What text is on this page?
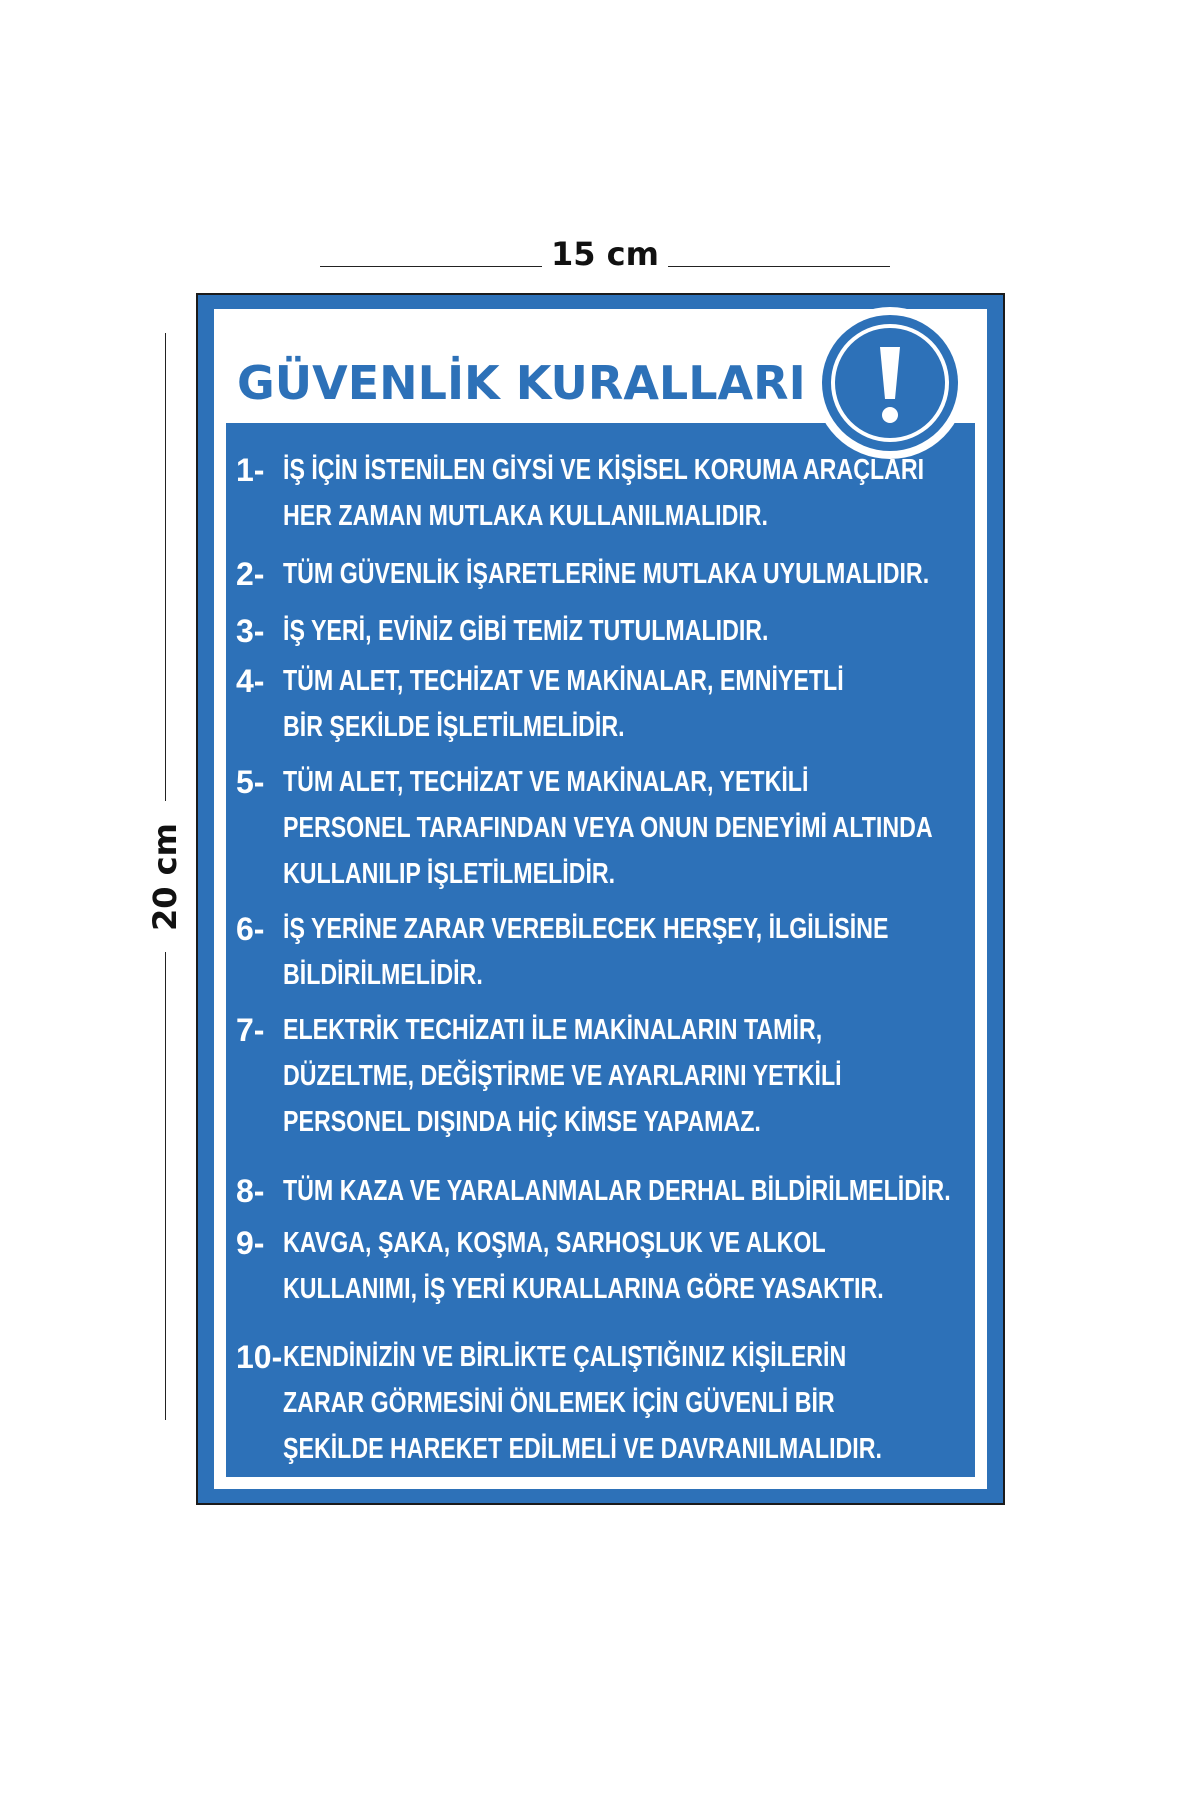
15 cm
20 cm
GÜVENLİK KURALLARI
1- İŞ İÇİN İSTENİLEN GİYSİ VE KİŞİSEL KORUMA ARAÇLARI
HER ZAMAN MUTLAKA KULLANILMALIDIR.
2- TÜM GÜVENLİK İŞARETLERİNE MUTLAKA UYULMALIDIR.
3- İŞ YERİ, EVİNİZ GİBİ TEMİZ TUTULMALIDIR.
4- TÜM ALET, TECHİZAT VE MAKİNALAR, EMNİYETLİ
BİR ŞEKİLDE İŞLETİLMELİDİR.
5- TÜM ALET, TECHİZAT VE MAKİNALAR, YETKİLİ
PERSONEL TARAFINDAN VEYA ONUN DENEYİMİ ALTINDA
KULLANILIP İŞLETİLMELİDİR.
6- İŞ YERİNE ZARAR VEREBİLECEK HERŞEY, İLGİLİSİNE
BİLDİRİLMELİDİR.
7- ELEKTRİK TECHİZATI İLE MAKİNALARIN TAMİR,
DÜZELTME, DEĞİŞTİRME VE AYARLARINI YETKİLİ
PERSONEL DIŞINDA HİÇ KİMSE YAPAMAZ.
8- TÜM KAZA VE YARALANMALAR DERHAL BİLDİRİLMELİDİR.
9- KAVGA, ŞAKA, KOŞMA, SARHOŞLUK VE ALKOL
KULLANIMI, İŞ YERİ KURALLARINA GÖRE YASAKTIR.
10- KENDİNİZİN VE BİRLİKTE ÇALIŞTIĞINIZ KİŞİLERİN
ZARAR GÖRMESİNİ ÖNLEMEK İÇİN GÜVENLİ BİR
ŞEKİLDE HAREKET EDİLMELİ VE DAVRANILMALIDIR.
